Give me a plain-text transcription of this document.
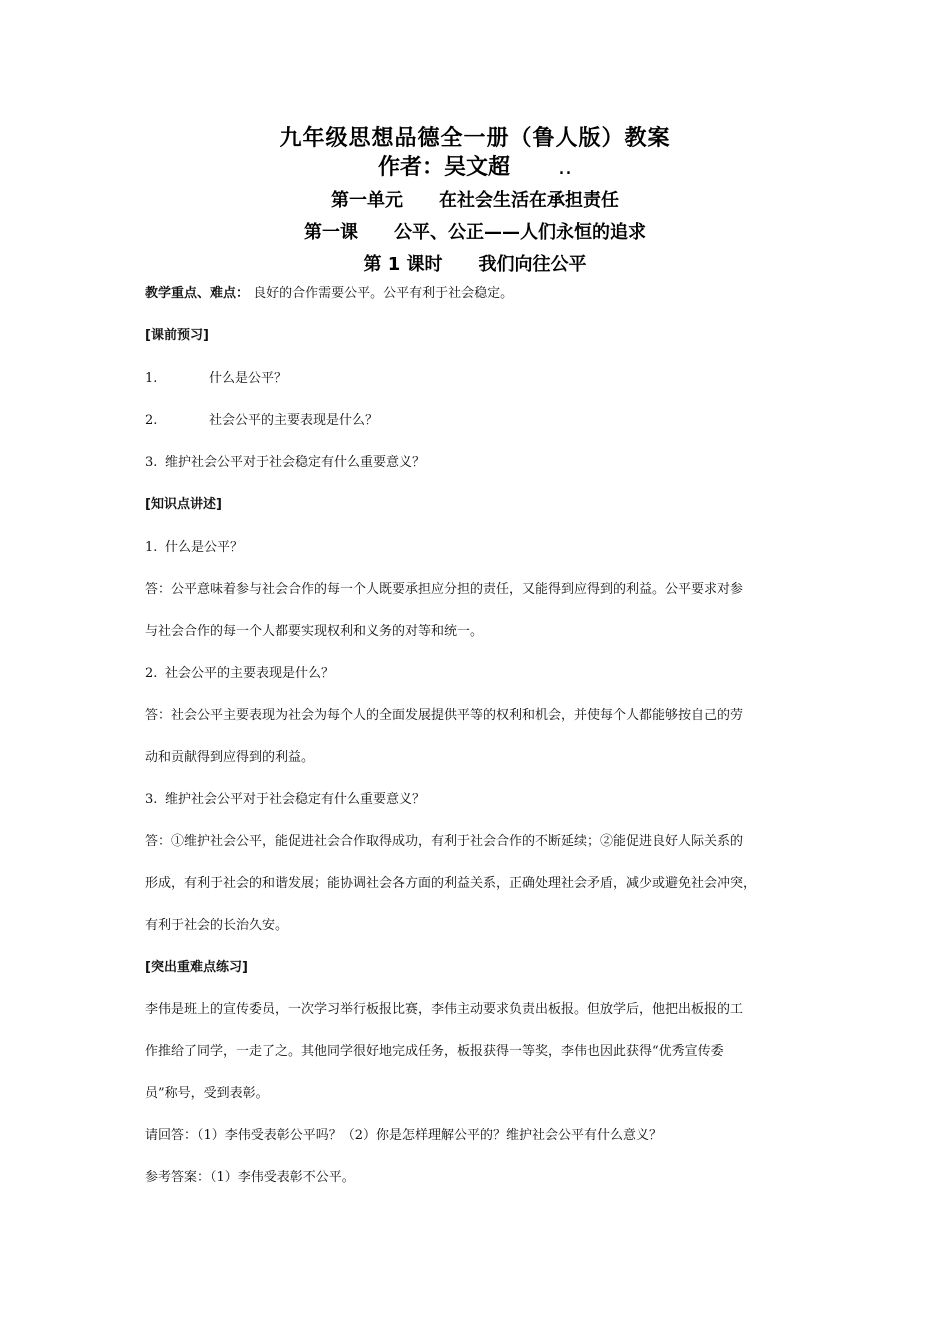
九年级思想品德全一册（鲁人版）教案
作者：吴文超 ..
第一单元 在社会生活在承担责任
第一课 公平、公正——人们永恒的追求
第 1 课时 我们向往公平
教学重点、难点： 良好的合作需要公平。公平有利于社会稳定。
[课前预习]
1.	什么是公平？
2.	社会公平的主要表现是什么？
3. 维护社会公平对于社会稳定有什么重要意义？
[知识点讲述]
1. 什么是公平？
答：公平意味着参与社会合作的每一个人既要承担应分担的责任，又能得到应得到的利益。公平要求对参
与社会合作的每一个人都要实现权利和义务的对等和统一。
2. 社会公平的主要表现是什么？
答：社会公平主要表现为社会为每个人的全面发展提供平等的权利和机会，并使每个人都能够按自己的劳
动和贡献得到应得到的利益。
3. 维护社会公平对于社会稳定有什么重要意义？
答：①维护社会公平，能促进社会合作取得成功，有利于社会合作的不断延续；②能促进良好人际关系的
形成，有利于社会的和谐发展；能协调社会各方面的利益关系，正确处理社会矛盾，减少或避免社会冲突，
有利于社会的长治久安。
[突出重难点练习]
李伟是班上的宣传委员，一次学习举行板报比赛，李伟主动要求负责出板报。但放学后，他把出板报的工
作推给了同学，一走了之。其他同学很好地完成任务，板报获得一等奖，李伟也因此获得“优秀宣传委
员”称号，受到表彰。
请回答：（1）李伟受表彰公平吗？（2）你是怎样理解公平的？维护社会公平有什么意义？
参考答案：（1）李伟受表彰不公平。
